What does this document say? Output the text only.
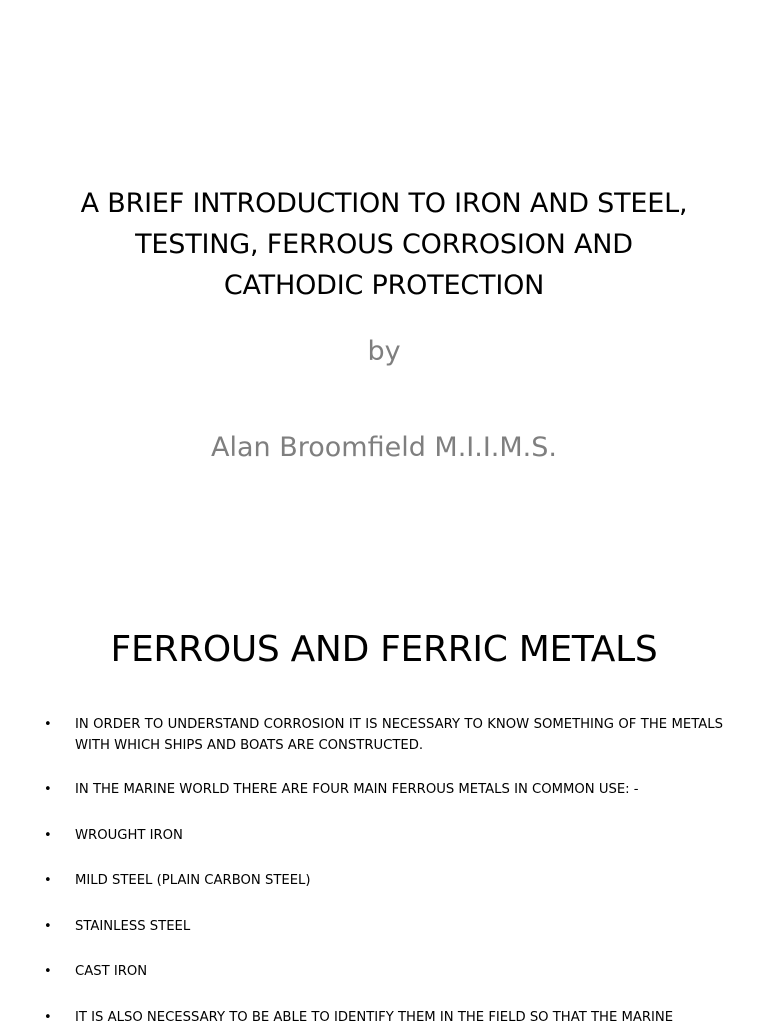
A BRIEF INTRODUCTION TO IRON AND STEEL,
TESTING, FERROUS CORROSION AND
CATHODIC PROTECTION
by
Alan Broomfield M.I.I.M.S.
FERROUS AND FERRIC METALS
• IN ORDER TO UNDERSTAND CORROSION IT IS NECESSARY TO KNOW SOMETHING OF THE METALS WITH WHICH SHIPS AND BOATS ARE CONSTRUCTED.
• IN THE MARINE WORLD THERE ARE FOUR MAIN FERROUS METALS IN COMMON USE: -
• WROUGHT IRON
• MILD STEEL (PLAIN CARBON STEEL)
• STAINLESS STEEL
• CAST IRON
• IT IS ALSO NECESSARY TO BE ABLE TO IDENTIFY THEM IN THE FIELD SO THAT THE MARINE
